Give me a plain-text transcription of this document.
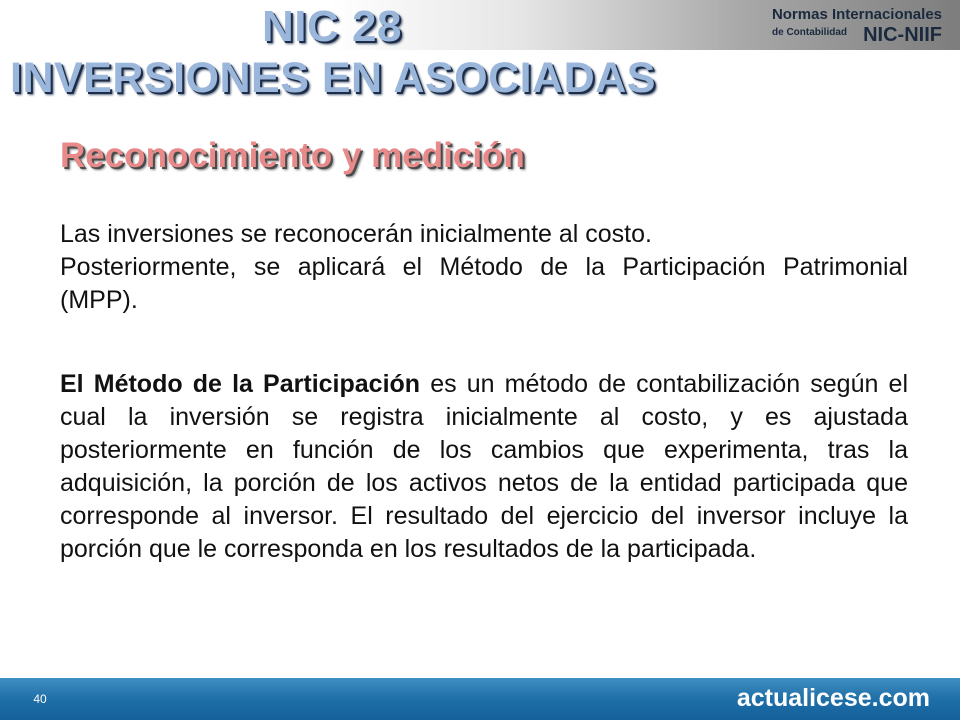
Normas Internacionales
de Contabilidad NIC-NIIF
NIC 28
INVERSIONES EN ASOCIADAS
Reconocimiento y medición

Las inversiones se reconocerán inicialmente al costo.
Posteriormente, se aplicará el Método de la Participación Patrimonial (MPP).

El Método de la Participación es un método de contabilización según el cual la inversión se registra inicialmente al costo, y es ajustada posteriormente en función de los cambios que experimenta, tras la adquisición, la porción de los activos netos de la entidad participada que corresponde al inversor. El resultado del ejercicio del inversor incluye la porción que le corresponda en los resultados de la participada.

40	actualicese.com
